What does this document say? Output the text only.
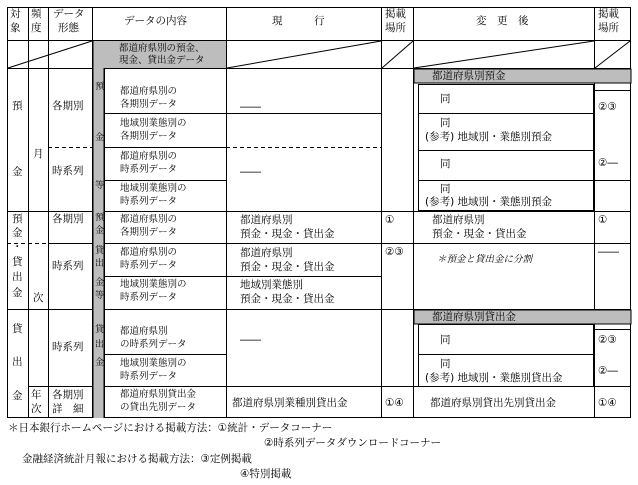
対
象
頻
度
データ
形態
データの内容	現　　　行
掲載
場所
変　更　後
掲載
場所
都道府県別の預金、
現金、貸出金データ
預
金
月
各期別
時系列
預
金
等
預
金
・
貸
出
金
各期別
時系列
次
預
金
貸
出
金
等
貸
出
金
時系列
貸
出
金
年
次
各期別
詳　細
都道府県別の
各期別データ
地域別業態別の
各期別データ
都道府県別の
時系列データ
地域別業態別の
時系列データ
都道府県別の
各期別データ
都道府県別の
時系列データ
地域別業態別の
時系列データ
都道府県別
の時系列データ
地域別業態別の
時系列データ
都道府県別貸出金
の貸出先別データ
――
――
都道府県別
預金・現金・貸出金
都道府県別
預金・現金・貸出金
地域別業態別
預金・現金・貸出金
――
都道府県別業種別貸出金
①
②③
①④
都道府県別預金
同
同
(参考) 地域別・業態別預金
同
同
(参考) 地域別・業態別預金
都道府県別
預金・現金・貸出金
＊預金と貸出金に分割
都道府県別貸出金
同
同
(参考) 地域別・業態別貸出金
都道府県別貸出先別貸出金
②③
②―
①
――
②③
②―
①④
＊日本銀行ホームページにおける掲載方法：①統計・データコーナー
②時系列データダウンロードコーナー
金融経済統計月報における掲載方法：③定例掲載
④特別掲載
